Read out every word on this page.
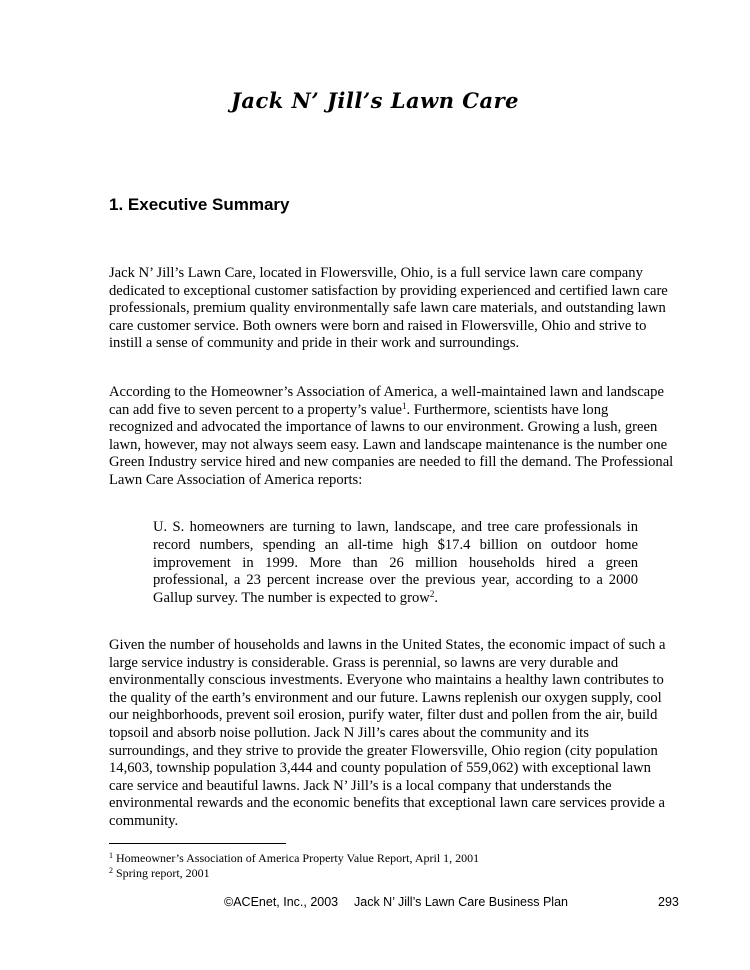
Jack N’ Jill’s Lawn Care
1. Executive Summary
Jack N’ Jill’s Lawn Care, located in Flowersville, Ohio, is a full service lawn care company
dedicated to exceptional customer satisfaction by providing experienced and certified lawn care
professionals, premium quality environmentally safe lawn care materials, and outstanding lawn
care customer service. Both owners were born and raised in Flowersville, Ohio and strive to
instill a sense of community and pride in their work and surroundings.
According to the Homeowner’s Association of America, a well-maintained lawn and landscape
can add five to seven percent to a property’s value$^1$. Furthermore, scientists have long
recognized and advocated the importance of lawns to our environment. Growing a lush, green
lawn, however, may not always seem easy. Lawn and landscape maintenance is the number one
Green Industry service hired and new companies are needed to fill the demand. The Professional
Lawn Care Association of America reports:
U. S. homeowners are turning to lawn, landscape, and tree care professionals in
record numbers, spending an all-time high $17.4 billion on outdoor home
improvement in 1999. More than 26 million households hired a green
professional, a 23 percent increase over the previous year, according to a 2000
Gallup survey. The number is expected to grow$^2$.
Given the number of households and lawns in the United States, the economic impact of such a
large service industry is considerable. Grass is perennial, so lawns are very durable and
environmentally conscious investments. Everyone who maintains a healthy lawn contributes to
the quality of the earth’s environment and our future. Lawns replenish our oxygen supply, cool
our neighborhoods, prevent soil erosion, purify water, filter dust and pollen from the air, build
topsoil and absorb noise pollution. Jack N Jill’s cares about the community and its
surroundings, and they strive to provide the greater Flowersville, Ohio region (city population
14,603, township population 3,444 and county population of 559,062) with exceptional lawn
care service and beautiful lawns. Jack N’ Jill’s is a local company that understands the
environmental rewards and the economic benefits that exceptional lawn care services provide a
community.
$^1$ Homeowner’s Association of America Property Value Report, April 1, 2001
$^2$ Spring report, 2001
©ACEnet, Inc., 2003 Jack N’ Jill’s Lawn Care Business Plan	293
